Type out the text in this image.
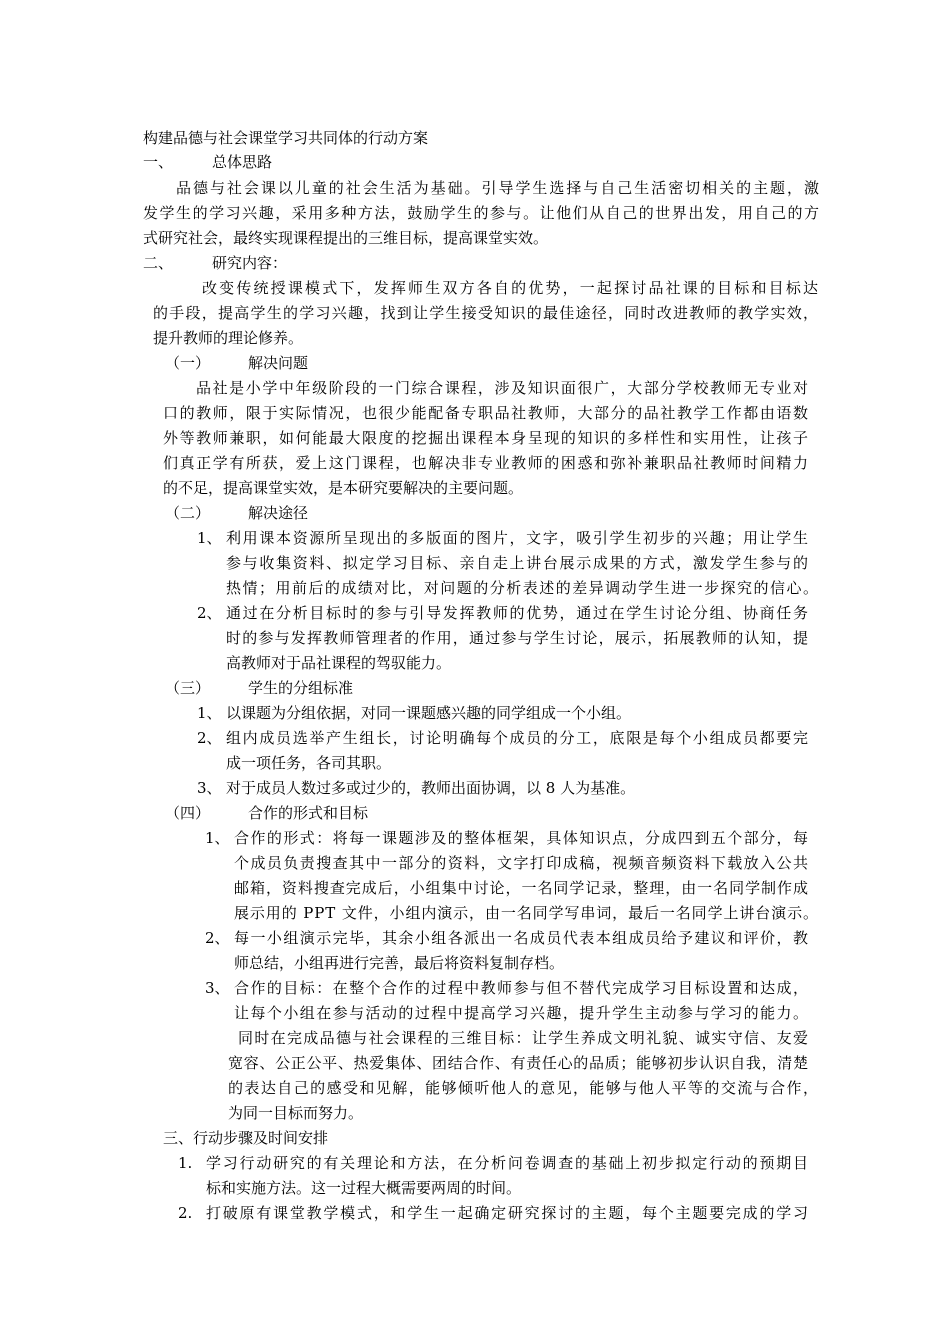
构建品德与社会课堂学习共同体的行动方案
一、	总体思路
品德与社会课以儿童的社会生活为基础。引导学生选择与自己生活密切相关的主题，激
发学生的学习兴趣，采用多种方法，鼓励学生的参与。让他们从自己的世界出发，用自己的方
式研究社会，最终实现课程提出的三维目标，提高课堂实效。
二、	研究内容：
改变传统授课模式下，发挥师生双方各自的优势，一起探讨品社课的目标和目标达
的手段，提高学生的学习兴趣，找到让学生接受知识的最佳途径，同时改进教师的教学实效，
提升教师的理论修养。
（一）	解决问题
品社是小学中年级阶段的一门综合课程，涉及知识面很广，大部分学校教师无专业对
口的教师，限于实际情况，也很少能配备专职品社教师，大部分的品社教学工作都由语数
外等教师兼职，如何能最大限度的挖掘出课程本身呈现的知识的多样性和实用性，让孩子
们真正学有所获，爱上这门课程，也解决非专业教师的困惑和弥补兼职品社教师时间精力
的不足，提高课堂实效，是本研究要解决的主要问题。
（二）	解决途径
1、 利用课本资源所呈现出的多版面的图片，文字，吸引学生初步的兴趣；用让学生
参与收集资料、拟定学习目标、亲自走上讲台展示成果的方式，激发学生参与的
热情；用前后的成绩对比，对问题的分析表述的差异调动学生进一步探究的信心。
2、 通过在分析目标时的参与引导发挥教师的优势，通过在学生讨论分组、协商任务
时的参与发挥教师管理者的作用，通过参与学生讨论，展示，拓展教师的认知，提
高教师对于品社课程的驾驭能力。
（三）	学生的分组标准
1、 以课题为分组依据，对同一课题感兴趣的同学组成一个小组。
2、 组内成员选举产生组长，讨论明确每个成员的分工，底限是每个小组成员都要完
成一项任务，各司其职。
3、 对于成员人数过多或过少的，教师出面协调，以 8 人为基准。
（四）	合作的形式和目标
1、 合作的形式：将每一课题涉及的整体框架，具体知识点，分成四到五个部分，每
个成员负责搜查其中一部分的资料，文字打印成稿，视频音频资料下载放入公共
邮箱，资料搜查完成后，小组集中讨论，一名同学记录，整理，由一名同学制作成
展示用的 PPT 文件，小组内演示，由一名同学写串词，最后一名同学上讲台演示。
2、 每一小组演示完毕，其余小组各派出一名成员代表本组成员给予建议和评价，教
师总结，小组再进行完善，最后将资料复制存档。
3、 合作的目标：在整个合作的过程中教师参与但不替代完成学习目标设置和达成，
让每个小组在参与活动的过程中提高学习兴趣，提升学生主动参与学习的能力。
同时在完成品德与社会课程的三维目标：让学生养成文明礼貌、诚实守信、友爱
宽容、公正公平、热爱集体、团结合作、有责任心的品质；能够初步认识自我，清楚
的表达自己的感受和见解，能够倾听他人的意见，能够与他人平等的交流与合作，
为同一目标而努力。
三、行动步骤及时间安排
1. 学习行动研究的有关理论和方法，在分析问卷调查的基础上初步拟定行动的预期目
标和实施方法。这一过程大概需要两周的时间。
2. 打破原有课堂教学模式，和学生一起确定研究探讨的主题，每个主题要完成的学习
